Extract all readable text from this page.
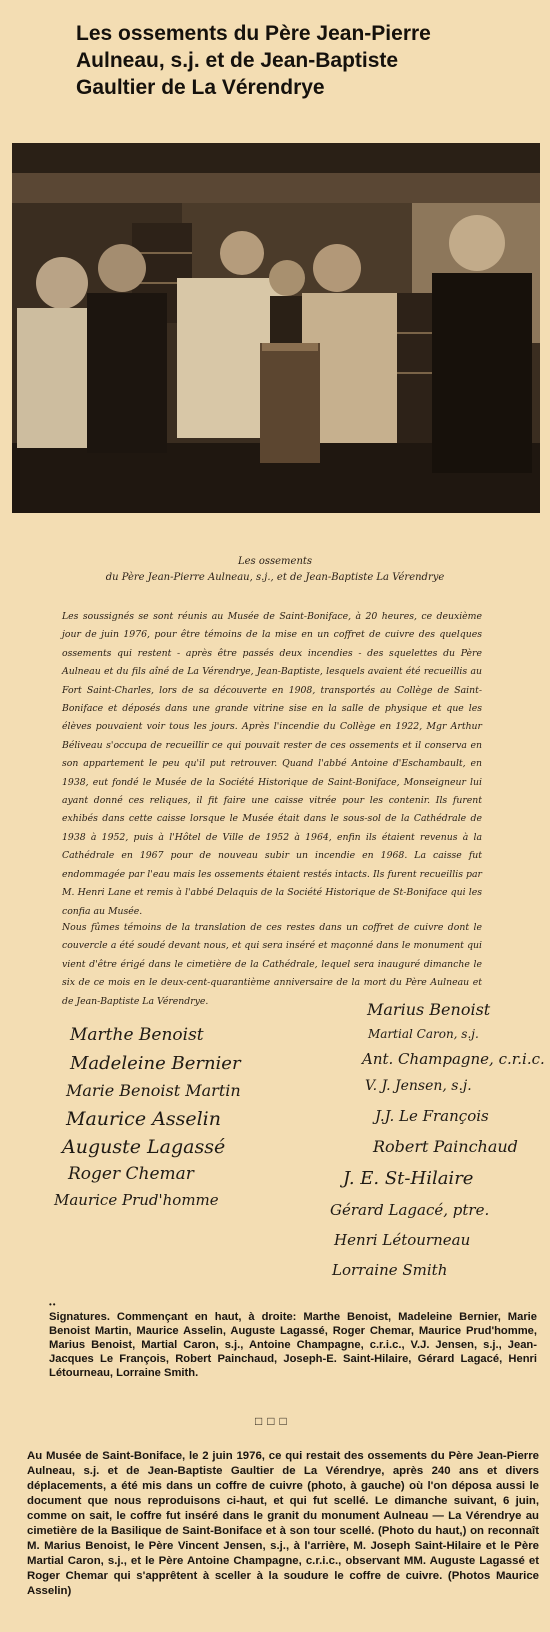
Les ossements du Père Jean-Pierre
Aulneau, s.j. et de Jean-Baptiste
Gaultier de La Vérendrye
Les ossements
du Père Jean-Pierre Aulneau, s.j., et de Jean-Baptiste La Vérendrye
Les soussignés se sont réunis au Musée de Saint-Boniface, à 20 heures, ce deuxième jour de juin 1976, pour être témoins de la mise en un coffret de cuivre des quelques ossements qui restent - après être passés deux incendies - des squelettes du Père Aulneau et du fils aîné de La Vérendrye, Jean-Baptiste, lesquels avaient été recueillis au Fort Saint-Charles, lors de sa découverte en 1908, transportés au Collège de Saint-Boniface et déposés dans une grande vitrine sise en la salle de physique et que les élèves pouvaient voir tous les jours. Après l'incendie du Collège en 1922, Mgr Arthur Béliveau s'occupa de recueillir ce qui pouvait rester de ces ossements et il conserva en son appartement le peu qu'il put retrouver. Quand l'abbé Antoine d'Eschambault, en 1938, eut fondé le Musée de la Société Historique de Saint-Boniface, Monseigneur lui ayant donné ces reliques, il fit faire une caisse vitrée pour les contenir. Ils furent exhibés dans cette caisse lorsque le Musée était dans le sous-sol de la Cathédrale de 1938 à 1952, puis à l'Hôtel de Ville de 1952 à 1964, enfin ils étaient revenus à la Cathédrale en 1967 pour de nouveau subir un incendie en 1968. La caisse fut endommagée par l'eau mais les ossements étaient restés intacts. Ils furent recueillis par M. Henri Lane et remis à l'abbé Delaquis de la Société Historique de St-Boniface qui les confia au Musée.
Nous fûmes témoins de la translation de ces restes dans un coffret de cuivre dont le couvercle a été soudé devant nous, et qui sera inséré et maçonné dans le monument qui vient d'être érigé dans le cimetière de la Cathédrale, lequel sera inauguré dimanche le six de ce mois en le deux-cent-quarantième anniversaire de la mort du Père Aulneau et de Jean-Baptiste La Vérendrye.
Marthe Benoist
Madeleine Bernier
Marie Benoist Martin
Maurice Asselin
Auguste Lagassé
Roger Chemar
Maurice Prud'homme
Marius Benoist
Martial Caron, s.j.
Ant. Champagne, c.r.i.c.
V. J. Jensen, s.j.
J.J. Le François
Robert Painchaud
J. E. St-Hilaire
Gérard Lagacé, ptre.
Henri Létourneau
Lorraine Smith
••
Signatures. Commençant en haut, à droite: Marthe Benoist, Madeleine Bernier, Marie Benoist Martin, Maurice Asselin, Auguste Lagassé, Roger Chemar, Maurice Prud'homme, Marius Benoist, Martial Caron, s.j., Antoine Champagne, c.r.i.c., V.J. Jensen, s.j., Jean-Jacques Le François, Robert Painchaud, Joseph-E. Saint-Hilaire, Gérard Lagacé, Henri Létourneau, Lorraine Smith.
□□□
Au Musée de Saint-Boniface, le 2 juin 1976, ce qui restait des ossements du Père Jean-Pierre Aulneau, s.j. et de Jean-Baptiste Gaultier de La Vérendrye, après 240 ans et divers déplacements, a été mis dans un coffre de cuivre (photo, à gauche) où l'on déposa aussi le document que nous reproduisons ci-haut, et qui fut scellé. Le dimanche suivant, 6 juin, comme on sait, le coffre fut inséré dans le granit du monument Aulneau — La Vérendrye au cimetière de la Basilique de Saint-Boniface et à son tour scellé. (Photo du haut,) on reconnaît M. Marius Benoist, le Père Vincent Jensen, s.j., à l'arrière, M. Joseph Saint-Hilaire et le Père Martial Caron, s.j., et le Père Antoine Champagne, c.r.i.c., observant MM. Auguste Lagassé et Roger Chemar qui s'apprêtent à sceller à la soudure le coffre de cuivre. (Photos Maurice Asselin)
